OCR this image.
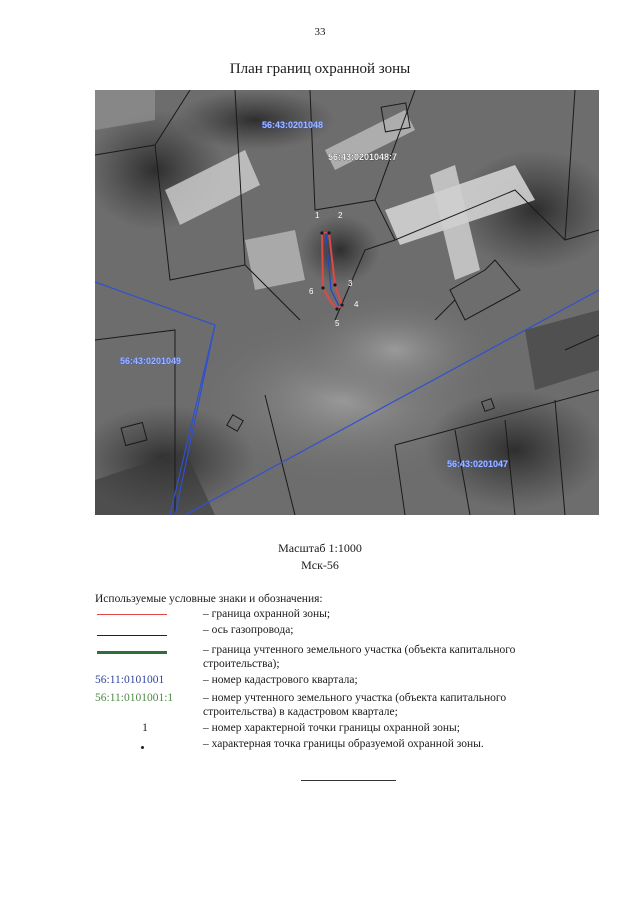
33
План границ охранной зоны
1 2
3
4
5
6
56:43:0201048
56:43:0201048:7
56:43:0201049
56:43:0201047
Масштаб 1:1000
Мск-56
Используемые условные знаки и обозначения:
– граница охранной зоны;
– ось газопровода;
– граница учтенного земельного участка (объекта капитального строительства);
56:11:0101001	– номер кадастрового квартала;
56:11:0101001:1	– номер учтенного земельного участка (объекта капитального строительства) в кадастровом квартале;
1	– номер характерной точки границы охранной зоны;
– характерная точка границы образуемой охранной зоны.
